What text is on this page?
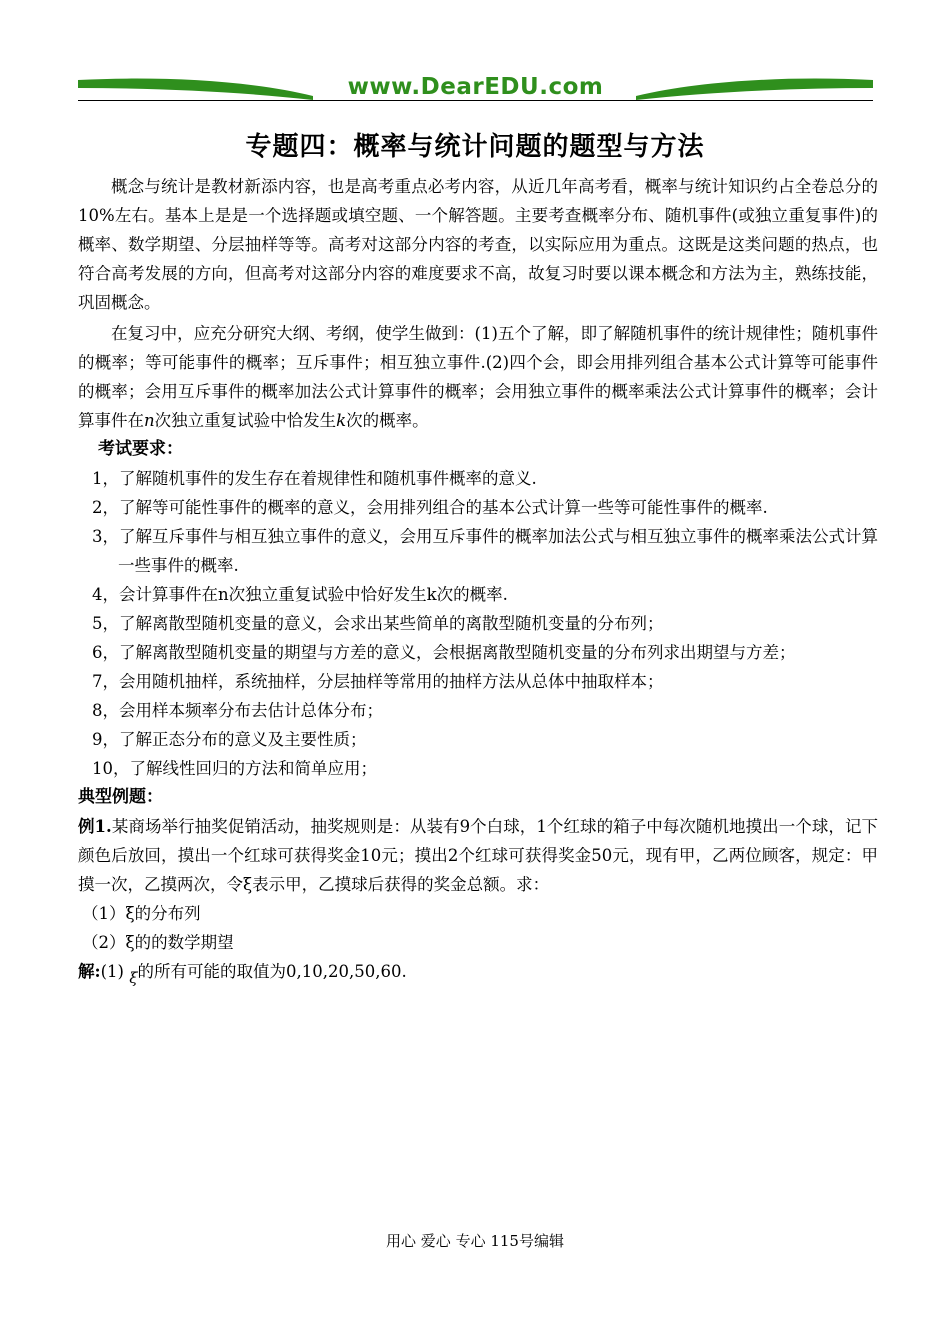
www.DearEDU.com
专题四：概率与统计问题的题型与方法

概念与统计是教材新添内容，也是高考重点必考内容，从近几年高考看，概率与统计知识约占全卷总分的10%左右。基本上是是一个选择题或填空题、一个解答题。主要考查概率分布、随机事件(或独立重复事件)的概率、数学期望、分层抽样等等。高考对这部分内容的考查，以实际应用为重点。这既是这类问题的热点，也符合高考发展的方向，但高考对这部分内容的难度要求不高，故复习时要以课本概念和方法为主，熟练技能，巩固概念。

在复习中，应充分研究大纲、考纲，使学生做到：(1)五个了解，即了解随机事件的统计规律性；随机事件的概率；等可能事件的概率；互斥事件；相互独立事件.(2)四个会，即会用排列组合基本公式计算等可能事件的概率；会用互斥事件的概率加法公式计算事件的概率；会用独立事件的概率乘法公式计算事件的概率；会计算事件在n次独立重复试验中恰发生k次的概率。

考试要求：

1，了解随机事件的发生存在着规律性和随机事件概率的意义.
2，了解等可能性事件的概率的意义，会用排列组合的基本公式计算一些等可能性事件的概率.
3，了解互斥事件与相互独立事件的意义，会用互斥事件的概率加法公式与相互独立事件的概率乘法公式计算一些事件的概率.
4，会计算事件在n次独立重复试验中恰好发生k次的概率.
5，了解离散型随机变量的意义，会求出某些简单的离散型随机变量的分布列；
6，了解离散型随机变量的期望与方差的意义，会根据离散型随机变量的分布列求出期望与方差；
7，会用随机抽样，系统抽样，分层抽样等常用的抽样方法从总体中抽取样本；
8，会用样本频率分布去估计总体分布；
9，了解正态分布的意义及主要性质；
10，了解线性回归的方法和简单应用；

典型例题：

例1.某商场举行抽奖促销活动，抽奖规则是：从装有9个白球，1个红球的箱子中每次随机地摸出一个球，记下颜色后放回，摸出一个红球可获得奖金10元；摸出2个红球可获得奖金50元，现有甲，乙两位顾客，规定：甲摸一次，乙摸两次，令ξ表示甲，乙摸球后获得的奖金总额。求：

（1）ξ的分布列

（2）ξ的的数学期望

解:(1) ξ的所有可能的取值为0,10,20,50,60.

用心 爱心 专心 115号编辑
